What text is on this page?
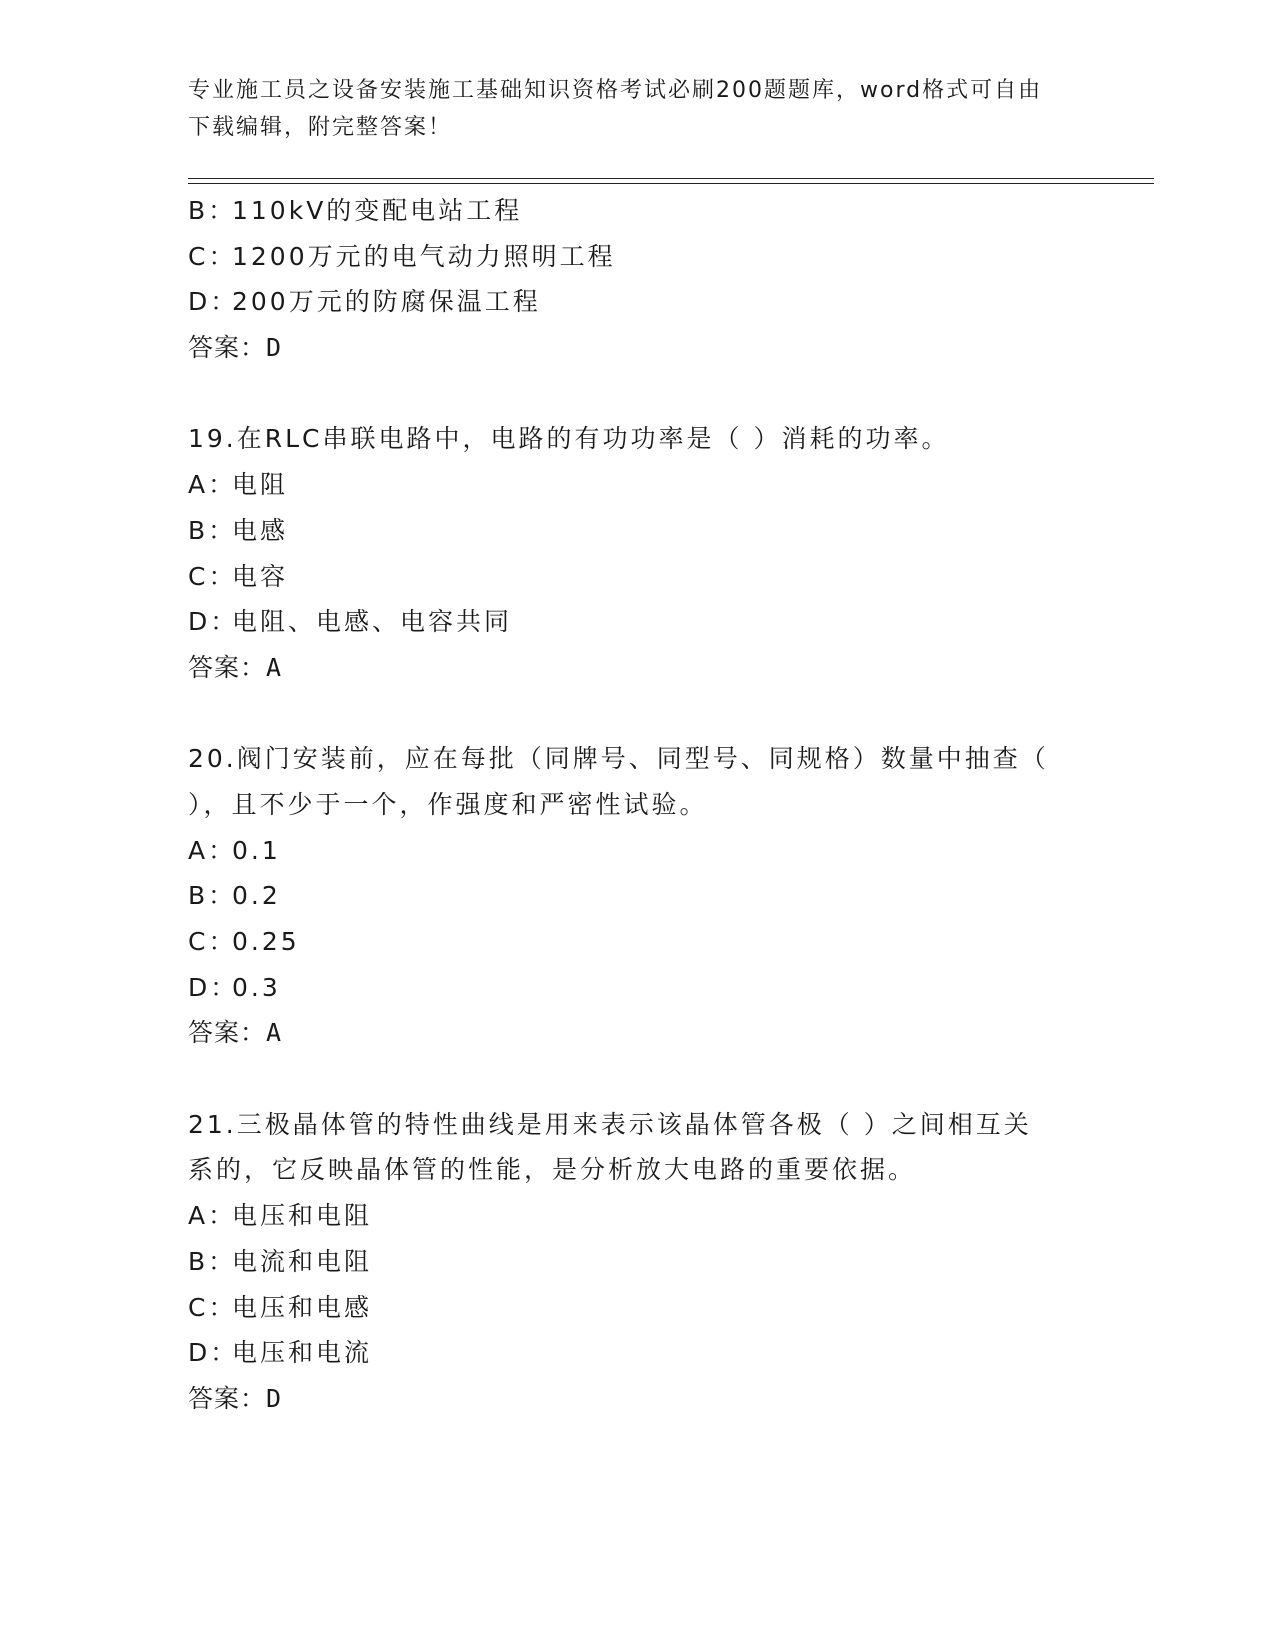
专业施工员之设备安装施工基础知识资格考试必刷200题题库，word格式可自由
下载编辑，附完整答案！
B：110kV的变配电站工程
C：1200万元的电气动力照明工程
D：200万元的防腐保温工程
答案：D
19.在RLC串联电路中，电路的有功功率是（ ）消耗的功率。
A：电阻
B：电感
C：电容
D：电阻、电感、电容共同
答案：A
20.阀门安装前，应在每批（同牌号、同型号、同规格）数量中抽查（
），且不少于一个，作强度和严密性试验。
A：0.1
B：0.2
C：0.25
D：0.3
答案：A
21.三极晶体管的特性曲线是用来表示该晶体管各极（ ）之间相互关
系的，它反映晶体管的性能，是分析放大电路的重要依据。
A：电压和电阻
B：电流和电阻
C：电压和电感
D：电压和电流
答案：D
